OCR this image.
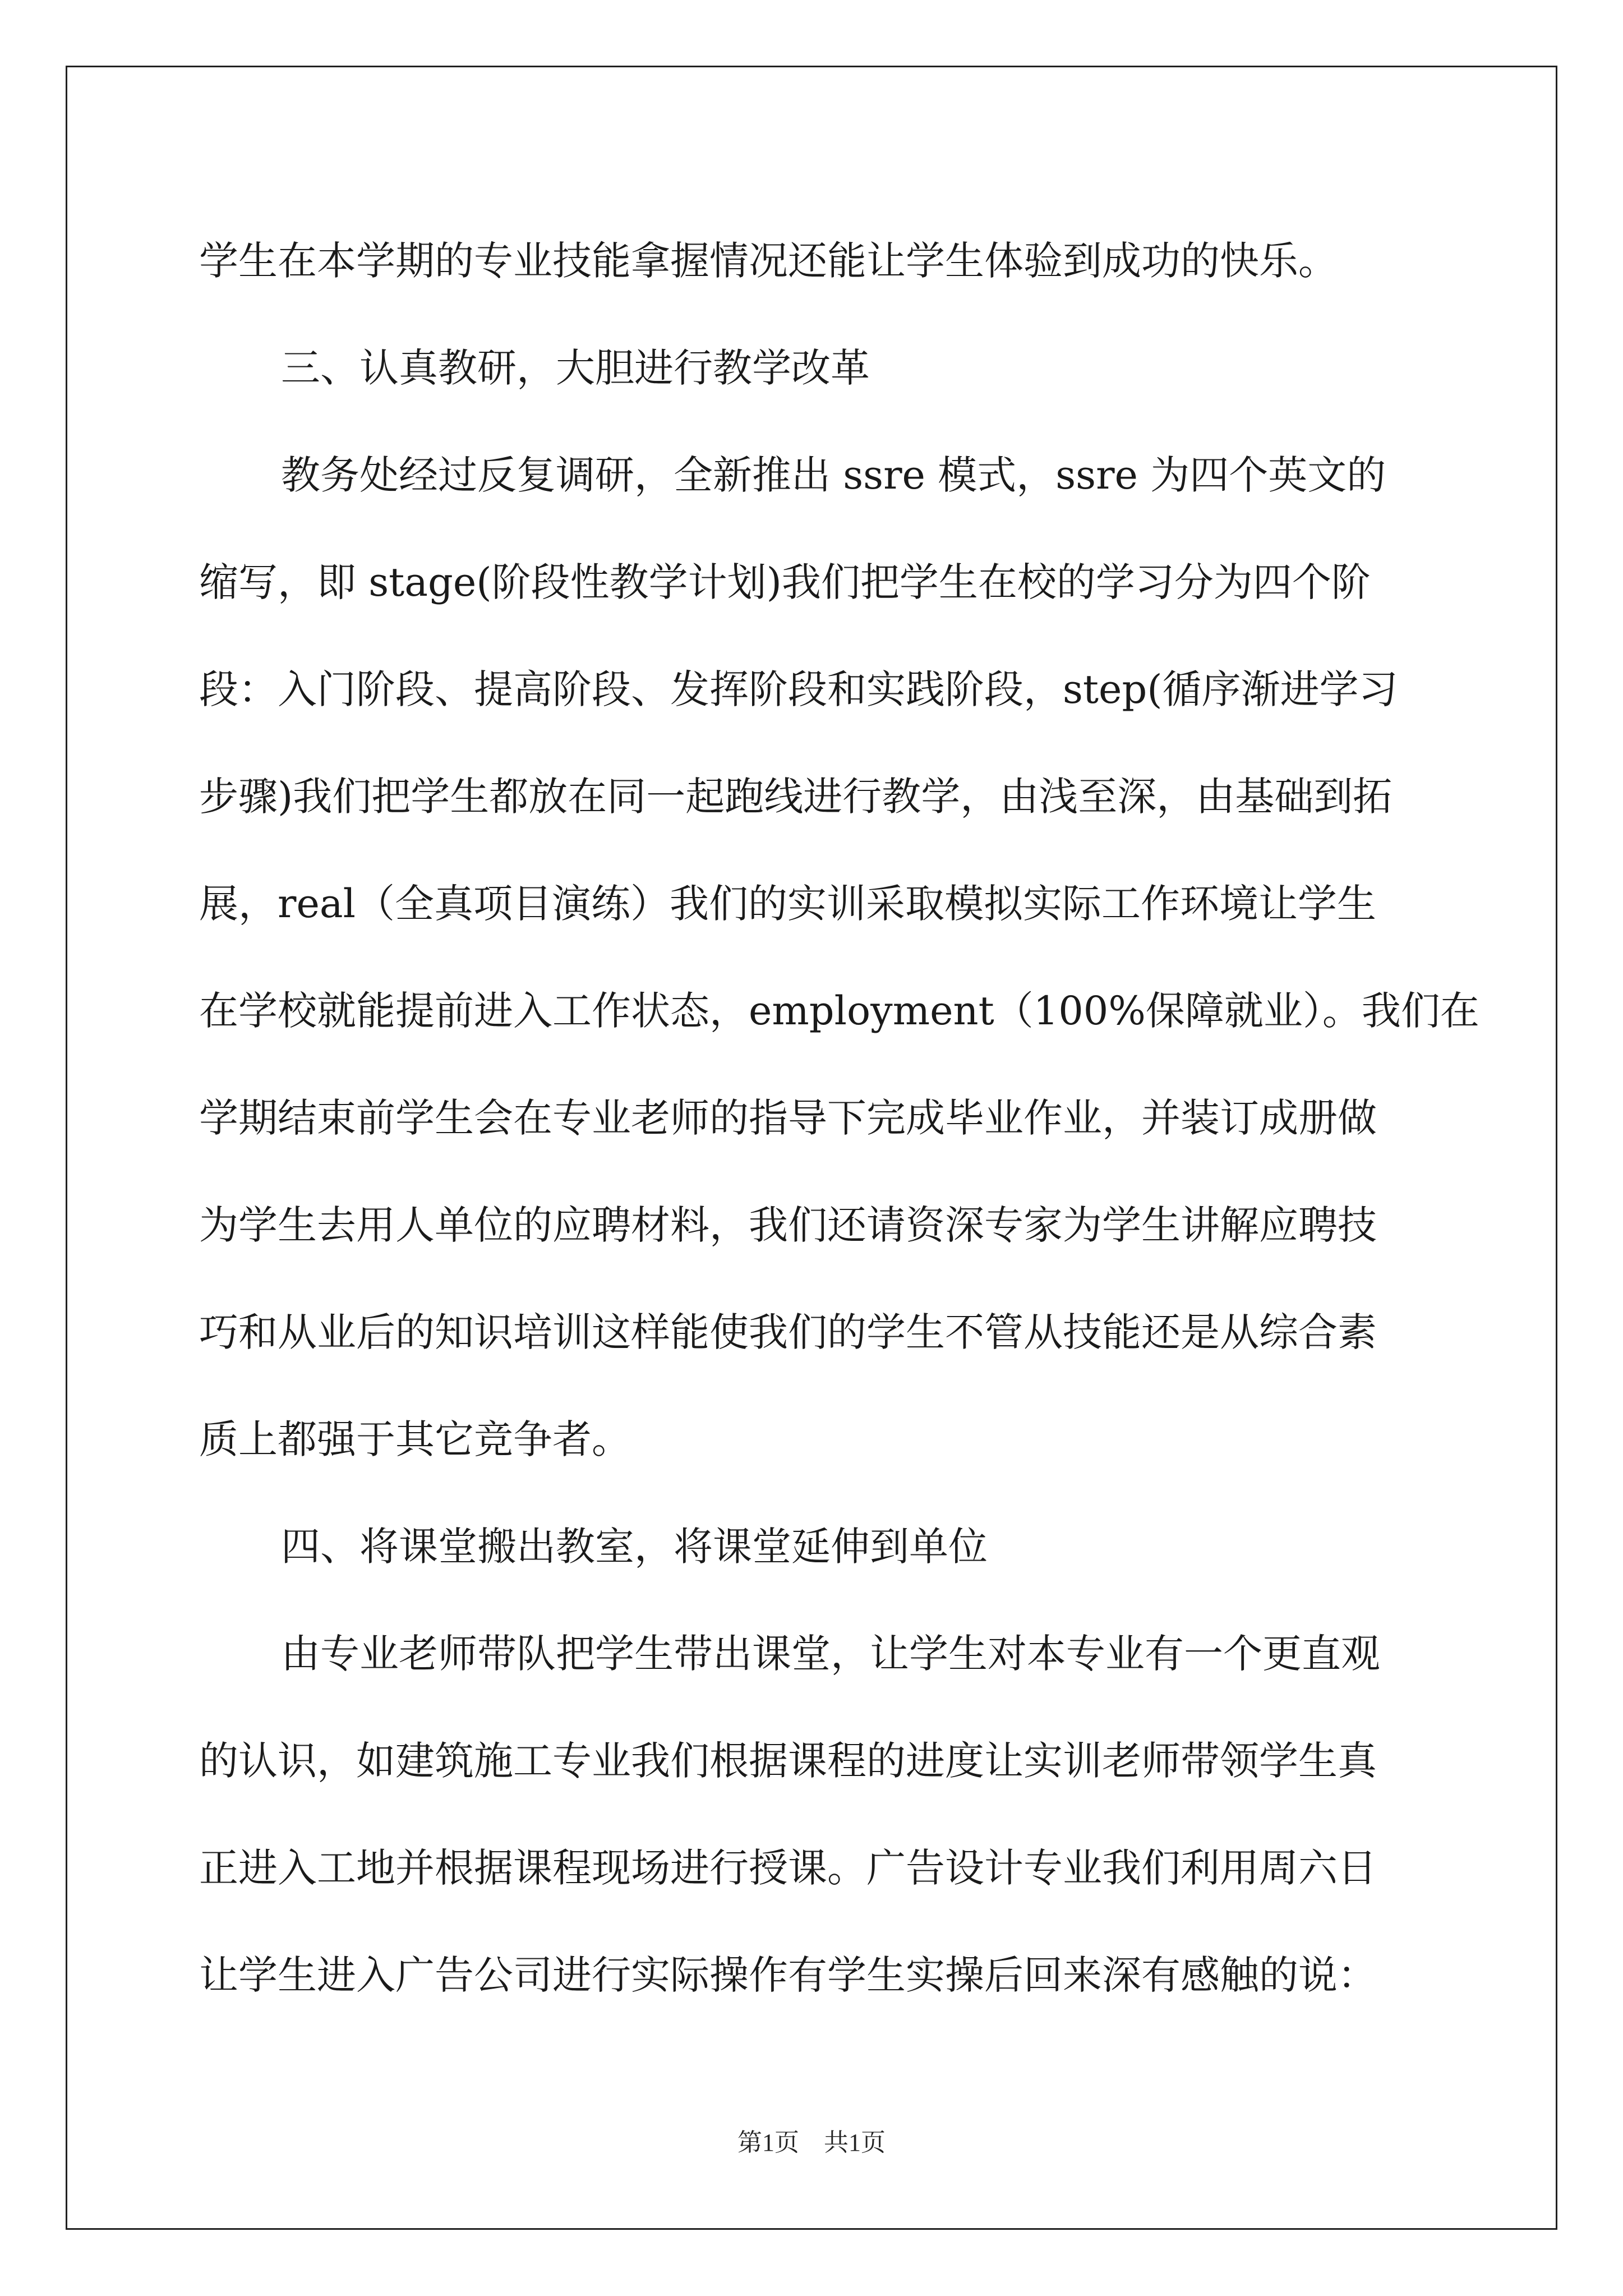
学生在本学期的专业技能拿握情况还能让学生体验到成功的快乐。

三、认真教研，大胆进行教学改革

教务处经过反复调研，全新推出 ssre 模式，ssre 为四个英文的

缩写，即 stage(阶段性教学计划)我们把学生在校的学习分为四个阶

段：入门阶段、提高阶段、发挥阶段和实践阶段，step(循序渐进学习

步骤)我们把学生都放在同一起跑线进行教学，由浅至深，由基础到拓

展，real（全真项目演练）我们的实训采取模拟实际工作环境让学生

在学校就能提前进入工作状态，employment（100%保障就业）。我们在

学期结束前学生会在专业老师的指导下完成毕业作业，并装订成册做

为学生去用人单位的应聘材料，我们还请资深专家为学生讲解应聘技

巧和从业后的知识培训这样能使我们的学生不管从技能还是从综合素

质上都强于其它竞争者。

四、将课堂搬出教室，将课堂延伸到单位

由专业老师带队把学生带出课堂，让学生对本专业有一个更直观

的认识，如建筑施工专业我们根据课程的进度让实训老师带领学生真

正进入工地并根据课程现场进行授课。广告设计专业我们利用周六日

让学生进入广告公司进行实际操作有学生实操后回来深有感触的说：

第1页　共1页
